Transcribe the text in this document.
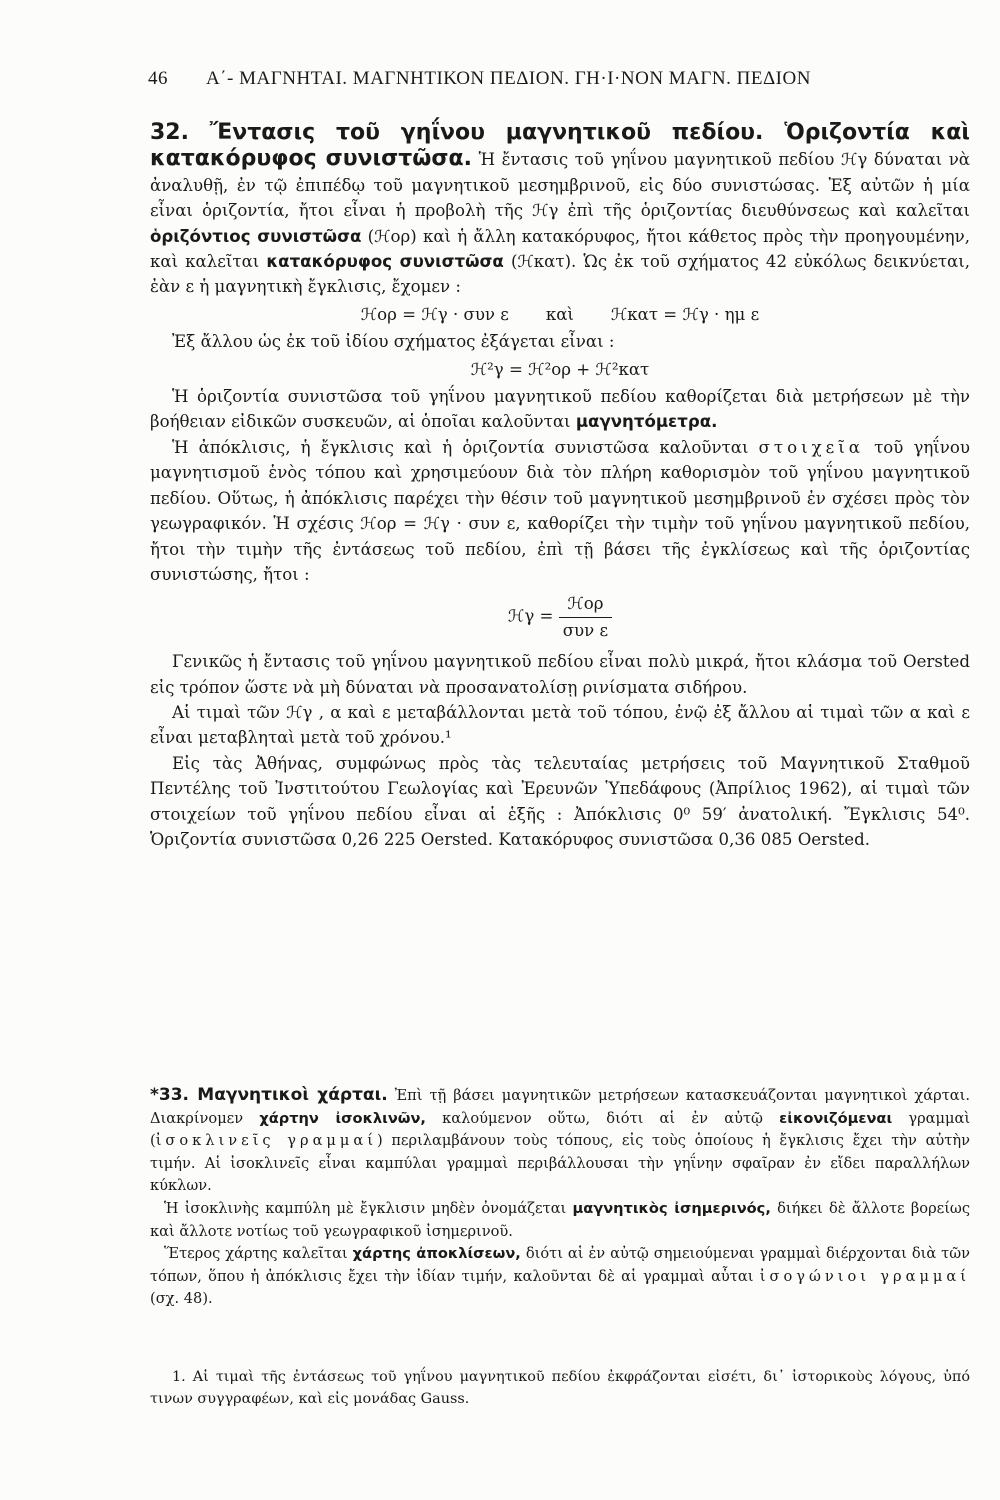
46 Α΄- ΜΑΓΝΗΤΑΙ. ΜΑΓΝΗΤΙΚΟΝ ΠΕΔΙΟΝ. ΓΗ·Ι·ΝΟΝ ΜΑΓΝ. ΠΕΔΙΟΝ

32. Ἔντασις τοῦ γηΐνου μαγνητικοῦ πεδίου. Ὁριζοντία καὶ κατακόρυφος συνιστῶσα. Ἡ ἔντασις τοῦ γηΐνου μαγνητικοῦ πεδίου ℋγ δύναται νὰ ἀναλυθῇ, ἐν τῷ ἐπιπέδῳ τοῦ μαγνητικοῦ μεσημβρινοῦ, εἰς δύο συνιστώσας. Ἐξ αὐτῶν ἡ μία εἶναι ὁριζοντία, ἤτοι εἶναι ἡ προβολὴ τῆς ℋγ ἐπὶ τῆς ὁριζοντίας διευθύνσεως καὶ καλεῖται ὁριζόντιος συνιστῶσα (ℋορ) καὶ ἡ ἄλλη κατακόρυφος, ἤτοι κάθετος πρὸς τὴν προηγουμένην, καὶ καλεῖται κατακόρυφος συνιστῶσα (ℋκατ). Ὡς ἐκ τοῦ σχήματος 42 εὐκόλως δεικνύεται, ἐὰν ε ἡ μαγνητικὴ ἔγκλισις, ἔχομεν :

ℋορ = ℋγ · συν ε καὶ ℋκατ = ℋγ · ημ ε

Ἐξ ἄλλου ὡς ἐκ τοῦ ἰδίου σχήματος ἐξάγεται εἶναι :

ℋ²γ = ℋ²ορ + ℋ²κατ

Ἡ ὁριζοντία συνιστῶσα τοῦ γηΐνου μαγνητικοῦ πεδίου καθορίζεται διὰ μετρήσεων μὲ τὴν βοήθειαν εἰδικῶν συσκευῶν, αἱ ὁποῖαι καλοῦνται μαγνητόμετρα.

Ἡ ἀπόκλισις, ἡ ἔγκλισις καὶ ἡ ὁριζοντία συνιστῶσα καλοῦνται στοιχεῖα τοῦ γηΐνου μαγνητισμοῦ ἑνὸς τόπου καὶ χρησιμεύουν διὰ τὸν πλήρη καθορισμὸν τοῦ γηΐνου μαγνητικοῦ πεδίου. Οὕτως, ἡ ἀπόκλισις παρέχει τὴν θέσιν τοῦ μαγνητικοῦ μεσημβρινοῦ ἐν σχέσει πρὸς τὸν γεωγραφικόν. Ἡ σχέσις ℋορ = ℋγ · συν ε, καθορίζει τὴν τιμὴν τοῦ γηΐνου μαγνητικοῦ πεδίου, ἤτοι τὴν τιμὴν τῆς ἐντάσεως τοῦ πεδίου, ἐπὶ τῇ βάσει τῆς ἐγκλίσεως καὶ τῆς ὁριζοντίας συνιστώσης, ἤτοι :

ℋγ = $\frac{\text{ℋορ}}{\text{συν ε}}$

Γενικῶς ἡ ἔντασις τοῦ γηΐνου μαγνητικοῦ πεδίου εἶναι πολὺ μικρά, ἤτοι κλάσμα τοῦ Oersted εἰς τρόπον ὥστε νὰ μὴ δύναται νὰ προσανατολίσῃ ρινίσματα σιδήρου.

Αἱ τιμαὶ τῶν ℋγ , α καὶ ε μεταβάλλονται μετὰ τοῦ τόπου, ἐνῷ ἐξ ἄλλου αἱ τιμαὶ τῶν α καὶ ε εἶναι μεταβληταὶ μετὰ τοῦ χρόνου.¹

Εἰς τὰς Ἀθήνας, συμφώνως πρὸς τὰς τελευταίας μετρήσεις τοῦ Μαγνητικοῦ Σταθμοῦ Πεντέλης τοῦ Ἰνστιτούτου Γεωλογίας καὶ Ἐρευνῶν Ὑπεδάφους (Ἀπρίλιος 1962), αἱ τιμαὶ τῶν στοιχείων τοῦ γηΐνου πεδίου εἶναι αἱ ἑξῆς : Ἀπόκλισις 0⁰ 59′ ἀνατολική. Ἔγκλισις 54⁰. Ὁριζοντία συνιστῶσα 0,26 225 Oersted. Κατακόρυφος συνιστῶσα 0,36 085 Oersted.

*33. Μαγνητικοὶ χάρται. Ἐπὶ τῇ βάσει μαγνητικῶν μετρήσεων κατασκευάζονται μαγνητικοὶ χάρται. Διακρίνομεν χάρτην ἰσοκλινῶν, καλούμενον οὕτω, διότι αἱ ἐν αὐτῷ εἰκονιζόμεναι γραμμαὶ (ἰσοκλινεῖς γραμμαί) περιλαμβάνουν τοὺς τόπους, εἰς τοὺς ὁποίους ἡ ἔγκλισις ἔχει τὴν αὐτὴν τιμήν. Αἱ ἰσοκλινεῖς εἶναι καμπύλαι γραμμαὶ περιβάλλουσαι τὴν γηΐνην σφαῖραν ἐν εἴδει παραλλήλων κύκλων.

Ἡ ἰσοκλινὴς καμπύλη μὲ ἔγκλισιν μηδὲν ὀνομάζεται μαγνητικὸς ἰσημερινός, διήκει δὲ ἄλλοτε βορείως καὶ ἄλλοτε νοτίως τοῦ γεωγραφικοῦ ἰσημερινοῦ.

Ἕτερος χάρτης καλεῖται χάρτης ἀποκλίσεων, διότι αἱ ἐν αὐτῷ σημειούμεναι γραμμαὶ διέρχονται διὰ τῶν τόπων, ὅπου ἡ ἀπόκλισις ἔχει τὴν ἰδίαν τιμήν, καλοῦνται δὲ αἱ γραμμαὶ αὗται ἰσογώνιοι γραμμαί (σχ. 48).

1. Αἱ τιμαὶ τῆς ἐντάσεως τοῦ γηΐνου μαγνητικοῦ πεδίου ἐκφράζονται εἰσέτι, δι᾽ ἱστορικοὺς λόγους, ὑπό τινων συγγραφέων, καὶ εἰς μονάδας Gauss.
